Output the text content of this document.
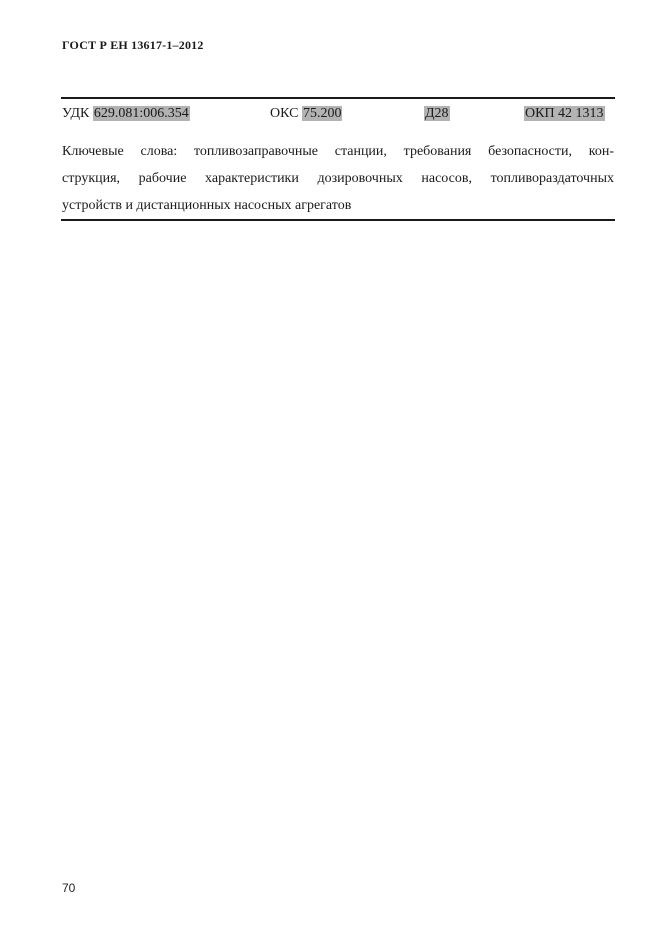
ГОСТ Р ЕН 13617-1–2012
УДК 629.081:006.354	ОКС 75.200	Д28	ОКП 42 1313
Ключевые слова: топливозаправочные станции, требования безопасности, кон-
струкция, рабочие характеристики дозировочных насосов, топливораздаточных
устройств и дистанционных насосных агрегатов
70
